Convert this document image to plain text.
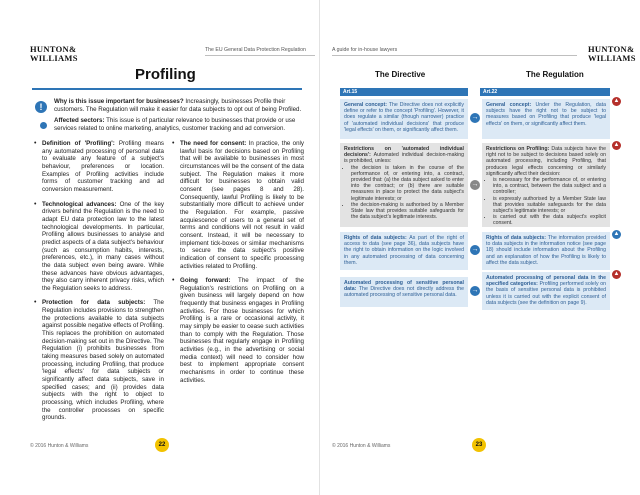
HUNTON&
WILLIAMS
The EU General Data Protection Regulation
Profiling
!
Why is this issue important for businesses? Increasingly, businesses Profile their customers. The Regulation will make it easier for data subjects to opt out of being Profiled.
Affected sectors: This issue is of particular relevance to businesses that provide or use services related to online marketing, analytics, customer tracking and ad conversion.
• Definition of 'Profiling': Profiling means any automated processing of personal data to evaluate any feature of a subject's behaviour, preferences or location. Examples of Profiling activities include forms of customer tracking and ad conversion measurement.
• Technological advances: One of the key drivers behind the Regulation is the need to adapt EU data protection law to the latest technological developments. In particular, Profiling allows businesses to analyse and predict aspects of a data subject's behaviour (such as consumption habits, interests, preferences, etc.), in many cases without the data subject even being aware. While these advances have obvious advantages, they also carry inherent privacy risks, which the Regulation seeks to address.
• Protection for data subjects: The Regulation includes provisions to strengthen the protections available to data subjects against possible negative effects of Profiling. This replaces the prohibition on automated decision-making set out in the Directive. The Regulation (i) prohibits businesses from taking measures based solely on automated processing, including Profiling, that produce 'legal effects' for data subjects or significantly affect data subjects, save in specified cases; and (ii) provides data subjects with the right to object to processing, which includes Profiling, where the controller processes on specific grounds.
• The need for consent: In practice, the only lawful basis for decisions based on Profiling that will be available to businesses in most circumstances will be the consent of the data subject. The Regulation makes it more difficult for businesses to obtain valid consent (see pages 8 and 28). Consequently, lawful Profiling is likely to be substantially more difficult to achieve under the Regulation. For example, passive acquiescence of users to a general set of terms and conditions will not result in valid consent. Instead, it will be necessary to implement tick-boxes or similar mechanisms to secure the data subject's positive indication of consent to specific processing activities related to Profiling.
• Going forward: The impact of the Regulation's restrictions on Profiling on a given business will largely depend on how frequently that business engages in Profiling activities. For those businesses for which Profiling is a rare or occasional activity, it may simply be easier to cease such activities than to comply with the Regulation. Those businesses that regularly engage in Profiling activities (e.g., in the advertising or social media context) will need to consider how best to implement appropriate consent mechanisms in order to continue these activities.
© 2016 Hunton & Williams	22
A guide for in-house lawyers	HUNTON&
WILLIAMS
The Directive	The Regulation
Art.15	Art.22
General concept: The Directive does not explicitly define or refer to the concept 'Profiling'. However, it does regulate a similar (though narrower) practice of 'automated individual decisions' that produce 'legal effects' on them, or significantly affect them.
→
General concept: Under the Regulation, data subjects have the right not to be subject to measures based on Profiling that produce 'legal effects' on them, or significantly affect them.
▲
Restrictions on 'automated individual decisions': Automated individual decision-making is prohibited, unless:
• the decision is taken in the course of the performance of, or entering into, a contract, provided that: (a) the data subject asked to enter into the contract; or (b) there are suitable measures in place to protect the data subject's legitimate interests; or
• the decision-making is authorised by a Member State law that provides suitable safeguards for the data subject's legitimate interests.
→
Restrictions on Profiling: Data subjects have the right not to be subject to decisions based solely on automated processing, including Profiling, that produces legal effects concerning or similarly significantly affect their decision:
• is necessary for the performance of, or entering into, a contract, between the data subject and a controller;
• is expressly authorised by a Member State law that provides suitable safeguards for the data subject's legitimate interests; or
• is carried out with the data subject's explicit consent.
▲
Rights of data subjects: As part of the right of access to data (see page 36), data subjects have the right to obtain information on the logic involved in any automated processing of data concerning them.
→
Rights of data subjects: The information provided to data subjects in the information notice (see page 18) should include information about the Profiling and an explanation of how the Profiling is likely to affect the data subject.
▲
Automated processing of sensitive personal data: The Directive does not directly address the automated processing of sensitive personal data.
→
Automated processing of personal data in the specified categories: Profiling performed solely on the basis of sensitive personal data is prohibited unless it is carried out with the explicit consent of data subjects (see the definition on page 9).
▲
© 2016 Hunton & Williams	23
